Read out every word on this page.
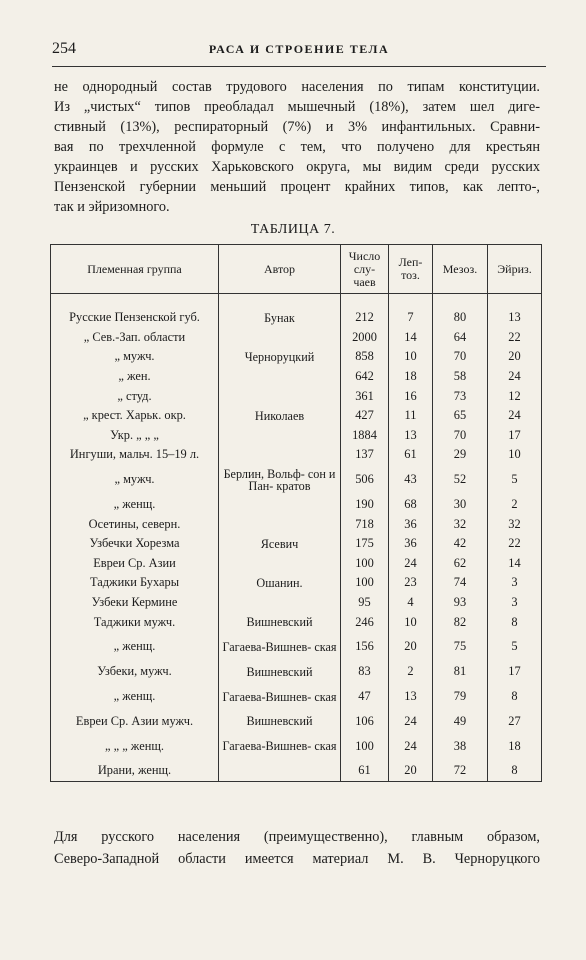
254	РАСА И СТРОЕНИЕ ТЕЛА

не однородный состав трудового населения по типам конституции.
Из „чистых“ типов преобладал мышечный (18%), затем шел диге-
стивный (13%), респираторный (7%) и 3% инфантильных. Сравни-
вая по трехчленной формуле с тем, что получено для крестьян
украинцев и русских Харьковского округа, мы видим среди русских
Пензенской губернии меньший процент крайних типов, как лепто-,
так и эйризомного.

ТАБЛИЦА 7.
Племенная группа	Автор	Число слу- чаев	Леп- тоз.	Мезоз.	Эйриз.

Русские Пензенской губ.	Бунак	212	7	80	13
„ Сев.-Зап. области		2000	14	64	22
„ мужч.	Черноруцкий	858	10	70	20
„ жен.		642	18	58	24
„ студ.		361	16	73	12
„ крест. Харьк. окр.	Николаев	427	11	65	24
Укр. „ „ „		1884	13	70	17
Ингуши, мальч. 15–19 л.		137	61	29	10
„ мужч.	Берлин, Вольф- сон и Пан- кратов	506	43	52	5
„ женщ.		190	68	30	2
Осетины, северн.		718	36	32	32
Узбечки Хорезма	Ясевич	175	36	42	22
Евреи Ср. Азии		100	24	62	14
Таджики Бухары	Ошанин.	100	23	74	3
Узбеки Кермине		95	4	93	3
Таджики мужч.	Вишневский	246	10	82	8
„ женщ.	Гагаева-Вишнев- ская	156	20	75	5
Узбеки, мужч.	Вишневский	83	2	81	17
„ женщ.	Гагаева-Вишнев- ская	47	13	79	8
Евреи Ср. Азии мужч.	Вишневский	106	24	49	27
„ „ „ женщ.	Гагаева-Вишнев- ская	100	24	38	18
Ирани, женщ.		61	20	72	8

Для русского населения (преимущественно), главным образом,
Северо-Западной области имеется материал М. В. Черноруцкого
